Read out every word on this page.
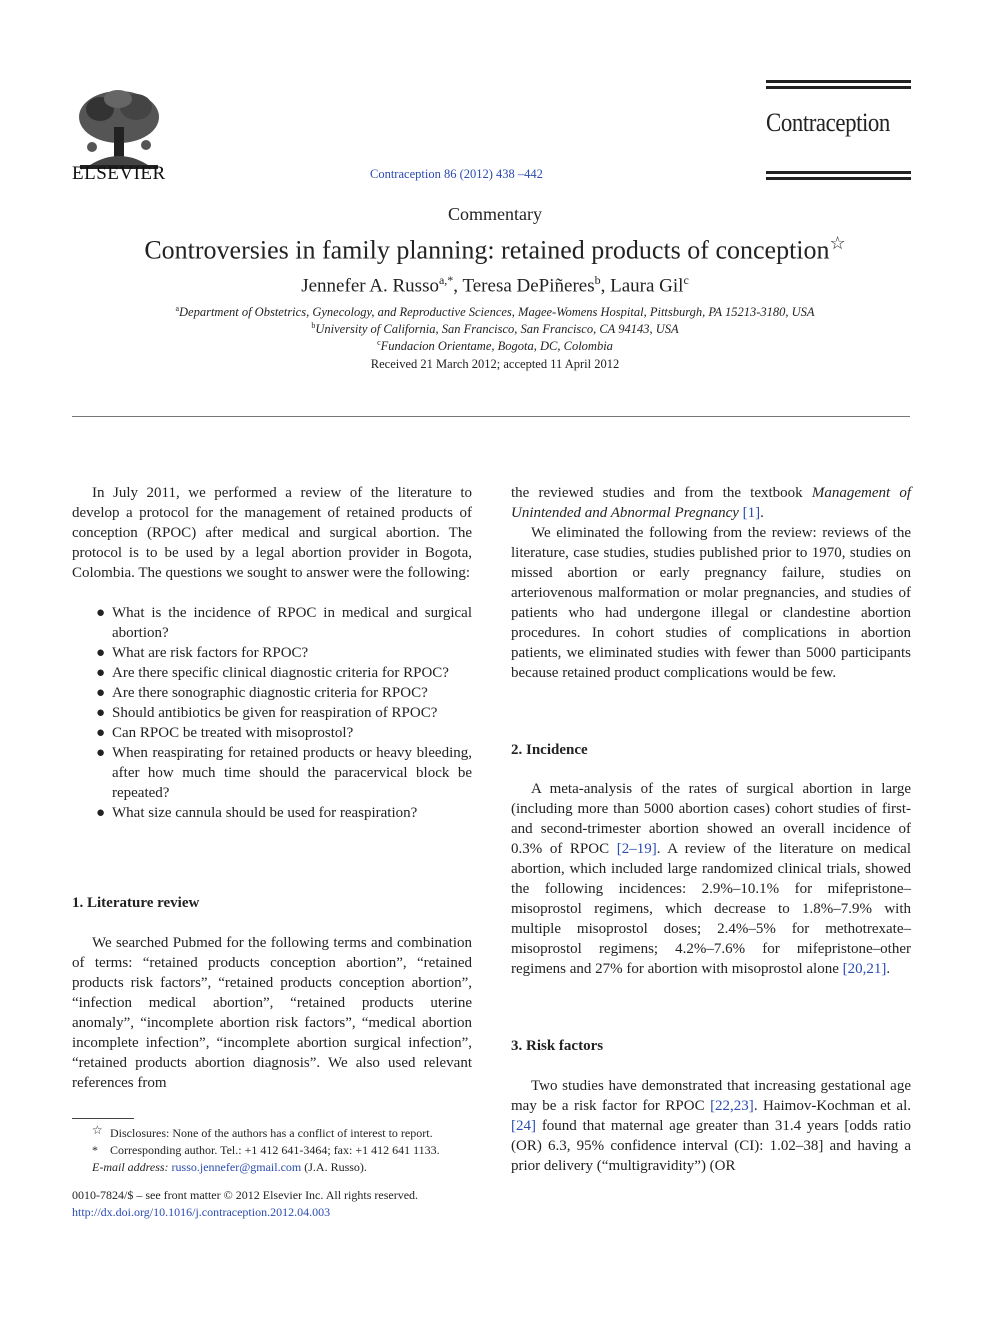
ELSEVIER	Contraception 86 (2012) 438 –442
Contraception
Commentary
Controversies in family planning: retained products of conception☆
Jennefer A. Russo$^{a,*}$, Teresa DePiñeres$^b$, Laura Gil$^c$
$^a$Department of Obstetrics, Gynecology, and Reproductive Sciences, Magee-Womens Hospital, Pittsburgh, PA 15213-3180, USA
$^b$University of California, San Francisco, San Francisco, CA 94143, USA
$^c$Fundacion Orientame, Bogota, DC, Colombia
Received 21 March 2012; accepted 11 April 2012

In July 2011, we performed a review of the literature to develop a protocol for the management of retained products of conception (RPOC) after medical and surgical abortion. The protocol is to be used by a legal abortion provider in Bogota, Colombia. The questions we sought to answer were the following:

● What is the incidence of RPOC in medical and surgical abortion?
● What are risk factors for RPOC?
● Are there specific clinical diagnostic criteria for RPOC?
● Are there sonographic diagnostic criteria for RPOC?
● Should antibiotics be given for reaspiration of RPOC?
● Can RPOC be treated with misoprostol?
● When reaspirating for retained products or heavy bleeding, after how much time should the paracervical block be repeated?
● What size cannula should be used for reaspiration?
1. Literature review

We searched Pubmed for the following terms and combination of terms: “retained products conception abortion”, “retained products risk factors”, “retained products conception abortion”, “infection medical abortion”, “retained products uterine anomaly”, “incomplete abortion risk factors”, “medical abortion incomplete infection”, “incomplete abortion surgical infection”, “retained products abortion diagnosis”. We also used relevant references from

☆ Disclosures: None of the authors has a conflict of interest to report.
* Corresponding author. Tel.: +1 412 641-3464; fax: +1 412 641 1133.
E-mail address: russo.jennefer@gmail.com (J.A. Russo).
0010-7824/$ – see front matter © 2012 Elsevier Inc. All rights reserved.
http://dx.doi.org/10.1016/j.contraception.2012.04.003

the reviewed studies and from the textbook Management of Unintended and Abnormal Pregnancy [1].

We eliminated the following from the review: reviews of the literature, case studies, studies published prior to 1970, studies on missed abortion or early pregnancy failure, studies on arteriovenous malformation or molar pregnancies, and studies of patients who had undergone illegal or clandestine abortion procedures. In cohort studies of complications in abortion patients, we eliminated studies with fewer than 5000 participants because retained product complications would be few.

2. Incidence

A meta-analysis of the rates of surgical abortion in large (including more than 5000 abortion cases) cohort studies of first- and second-trimester abortion showed an overall incidence of 0.3% of RPOC [2–19]. A review of the literature on medical abortion, which included large randomized clinical trials, showed the following incidences: 2.9%–10.1% for mifepristone–misoprostol regimens, which decrease to 1.8%–7.9% with multiple misoprostol doses; 2.4%–5% for methotrexate–misoprostol regimens; 4.2%–7.6% for mifepristone–other regimens and 27% for abortion with misoprostol alone [20,21].

3. Risk factors

Two studies have demonstrated that increasing gestational age may be a risk factor for RPOC [22,23]. Haimov-Kochman et al. [24] found that maternal age greater than 31.4 years [odds ratio (OR) 6.3, 95% confidence interval (CI): 1.02–38] and having a prior delivery (“multigravidity”) (OR
